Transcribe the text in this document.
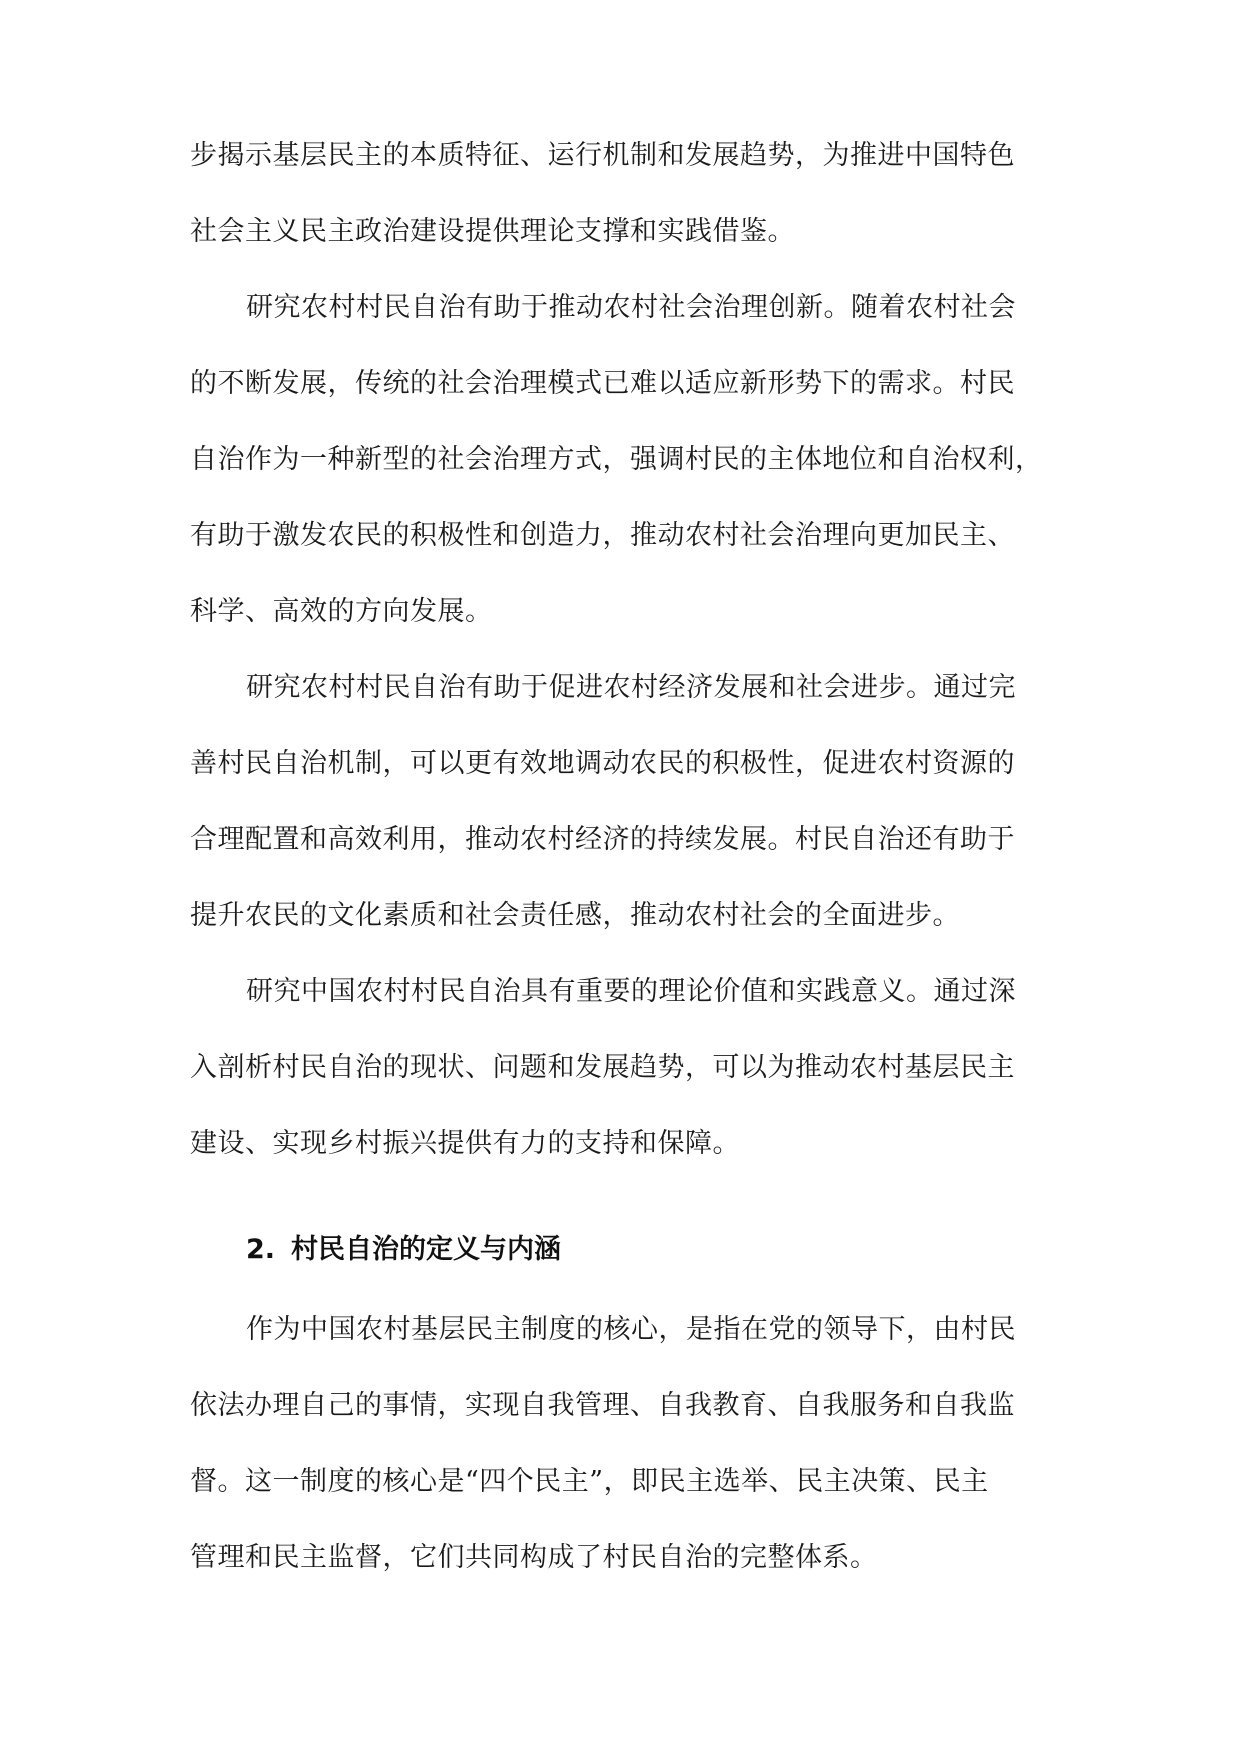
步揭示基层民主的本质特征、运行机制和发展趋势，为推进中国特色
社会主义民主政治建设提供理论支撑和实践借鉴。
研究农村村民自治有助于推动农村社会治理创新。随着农村社会
的不断发展，传统的社会治理模式已难以适应新形势下的需求。村民
自治作为一种新型的社会治理方式，强调村民的主体地位和自治权利，
有助于激发农民的积极性和创造力，推动农村社会治理向更加民主、
科学、高效的方向发展。
研究农村村民自治有助于促进农村经济发展和社会进步。通过完
善村民自治机制，可以更有效地调动农民的积极性，促进农村资源的
合理配置和高效利用，推动农村经济的持续发展。村民自治还有助于
提升农民的文化素质和社会责任感，推动农村社会的全面进步。
研究中国农村村民自治具有重要的理论价值和实践意义。通过深
入剖析村民自治的现状、问题和发展趋势，可以为推动农村基层民主
建设、实现乡村振兴提供有力的支持和保障。
2. 村民自治的定义与内涵
作为中国农村基层民主制度的核心，是指在党的领导下，由村民
依法办理自己的事情，实现自我管理、自我教育、自我服务和自我监
督。这一制度的核心是“四个民主”，即民主选举、民主决策、民主
管理和民主监督，它们共同构成了村民自治的完整体系。
